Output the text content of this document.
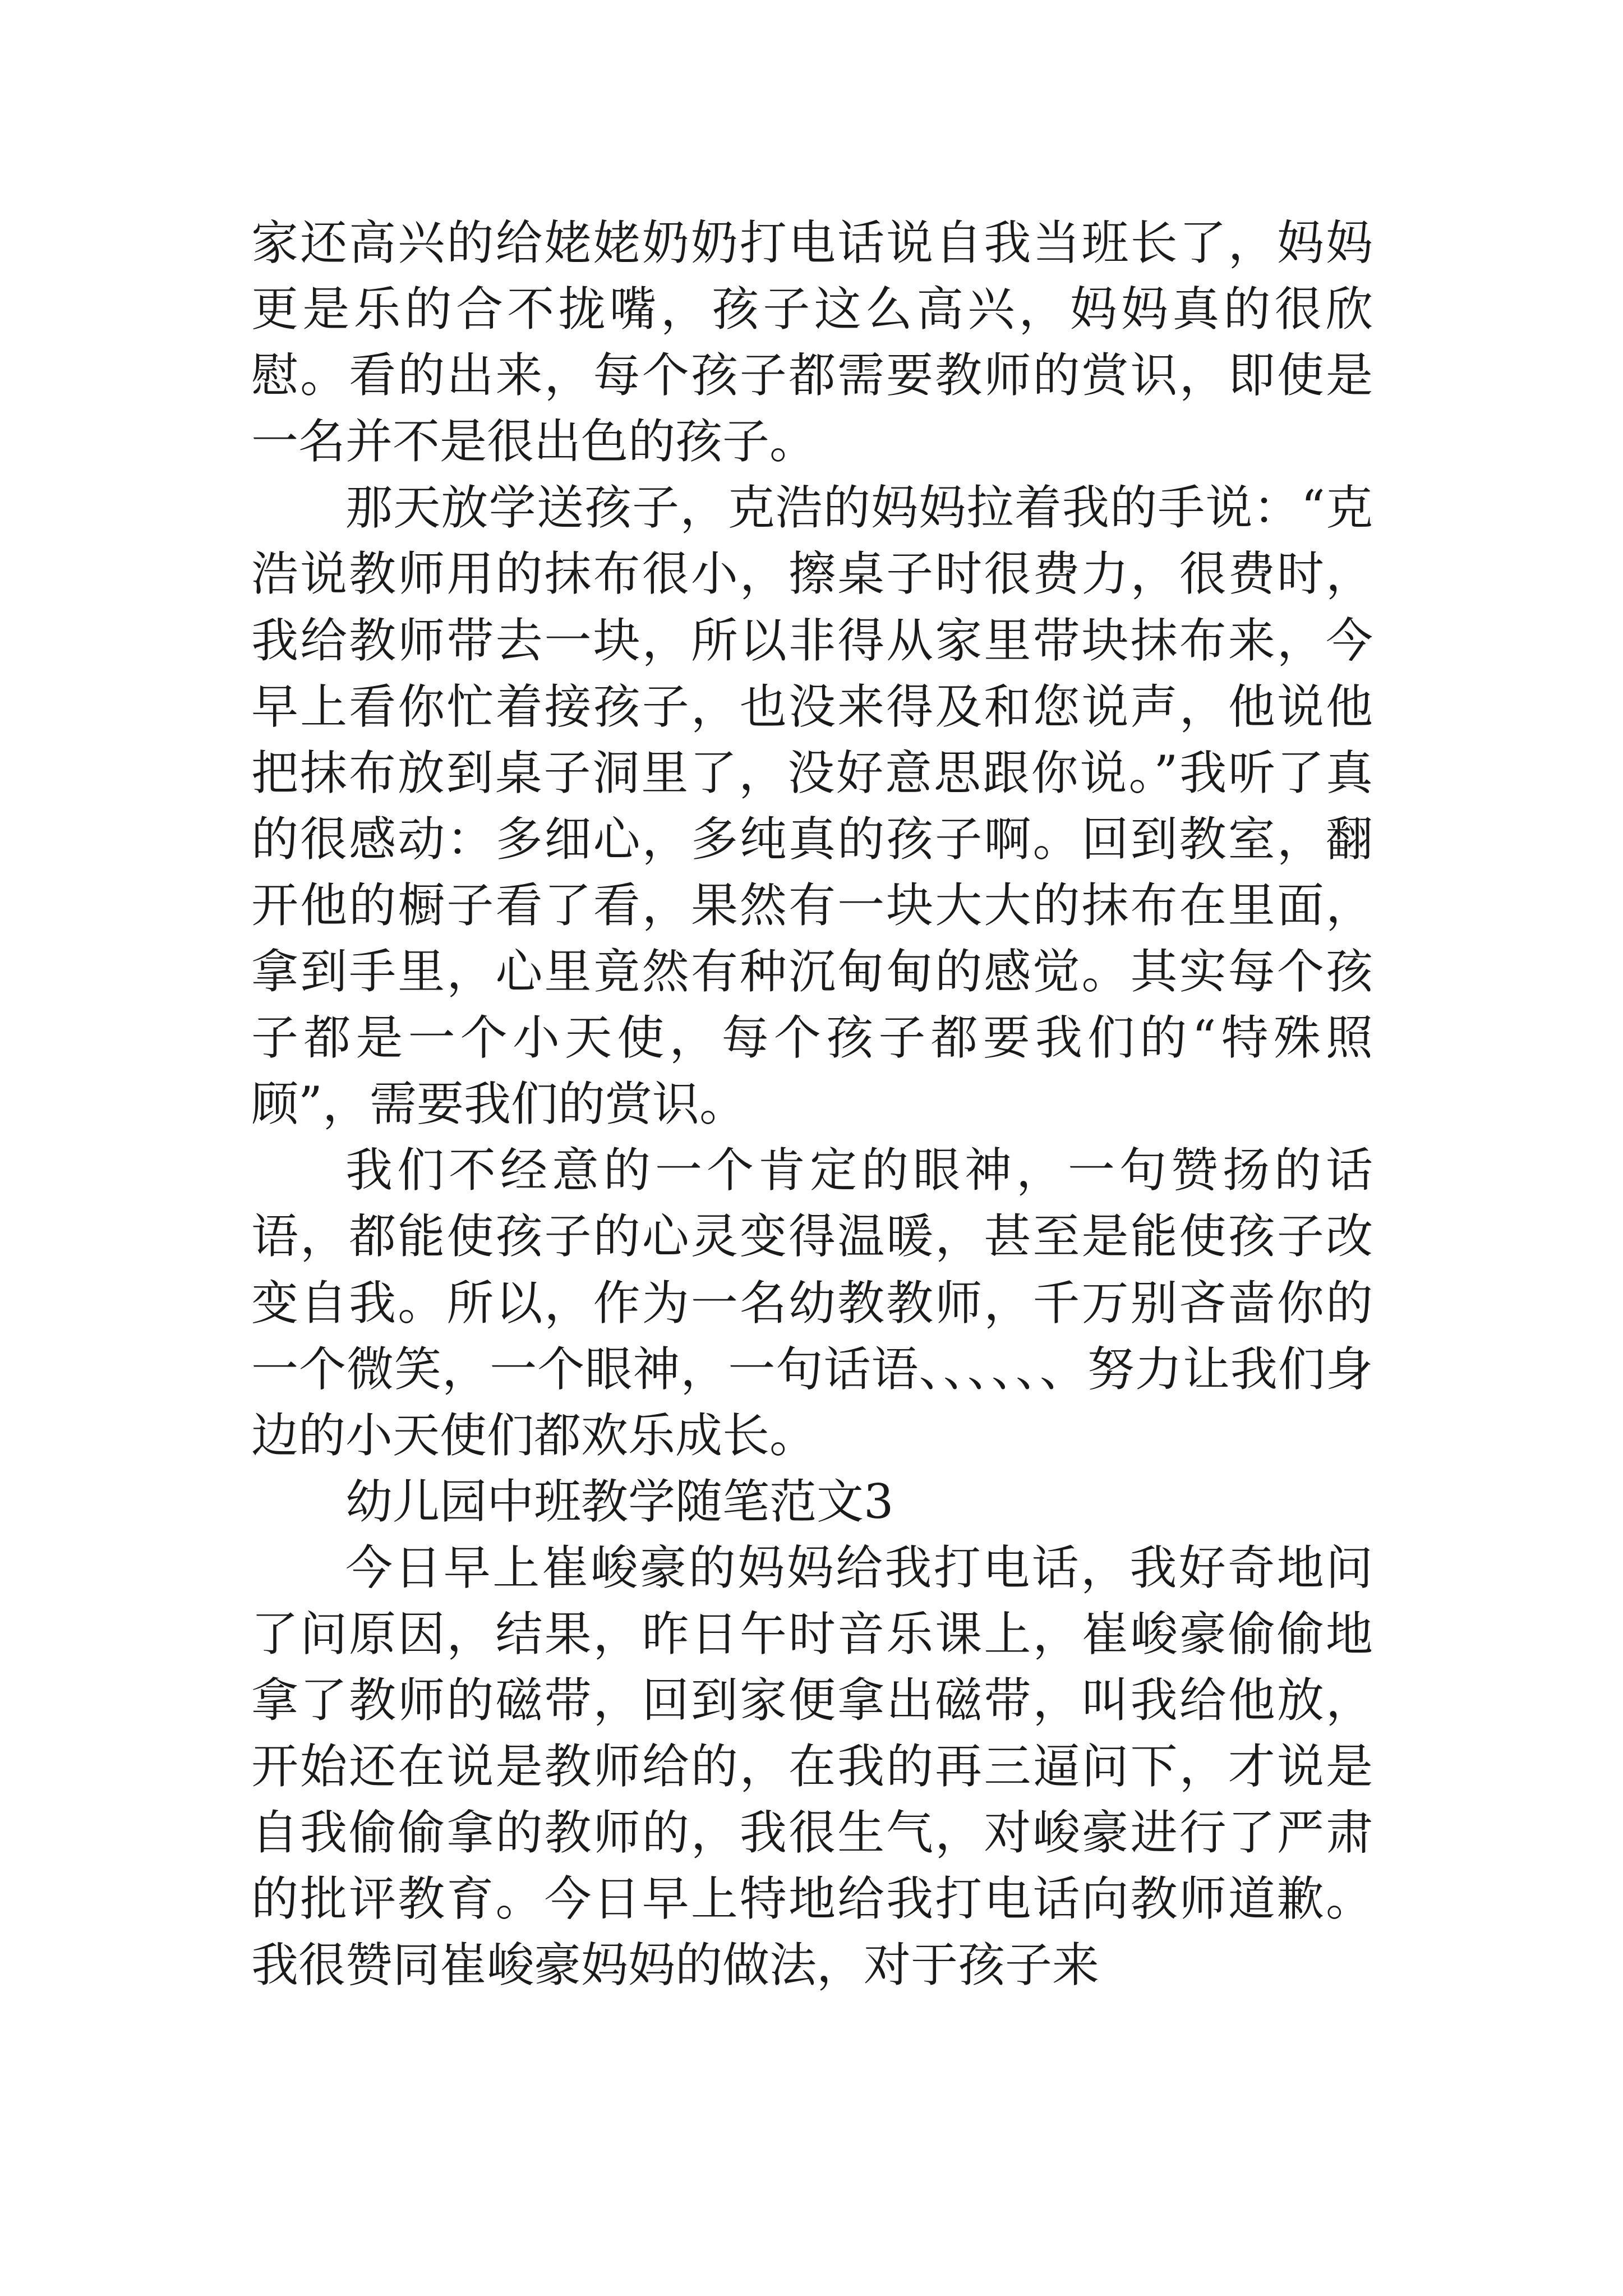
家还高兴的给姥姥奶奶打电话说自我当班长了，妈妈更是乐的合不拢嘴，孩子这么高兴，妈妈真的很欣慰。看的出来，每个孩子都需要教师的赏识，即使是一名并不是很出色的孩子。

那天放学送孩子，克浩的妈妈拉着我的手说：“克浩说教师用的抹布很小，擦桌子时很费力，很费时，我给教师带去一块，所以非得从家里带块抹布来，今早上看你忙着接孩子，也没来得及和您说声，他说他把抹布放到桌子洞里了，没好意思跟你说。”我听了真的很感动：多细心，多纯真的孩子啊。回到教室，翻开他的橱子看了看，果然有一块大大的抹布在里面，拿到手里，心里竟然有种沉甸甸的感觉。其实每个孩子都是一个小天使，每个孩子都要我们的“特殊照顾”，需要我们的赏识。

我们不经意的一个肯定的眼神，一句赞扬的话语，都能使孩子的心灵变得温暖，甚至是能使孩子改变自我。所以，作为一名幼教教师，千万别吝啬你的一个微笑，一个眼神，一句话语、、、、、、努力让我们身边的小天使们都欢乐成长。

幼儿园中班教学随笔范文3

今日早上崔峻豪的妈妈给我打电话，我好奇地问了问原因，结果，昨日午时音乐课上，崔峻豪偷偷地拿了教师的磁带，回到家便拿出磁带，叫我给他放，开始还在说是教师给的，在我的再三逼问下，才说是自我偷偷拿的教师的，我很生气，对峻豪进行了严肃的批评教育。今日早上特地给我打电话向教师道歉。我很赞同崔峻豪妈妈的做法，对于孩子来
